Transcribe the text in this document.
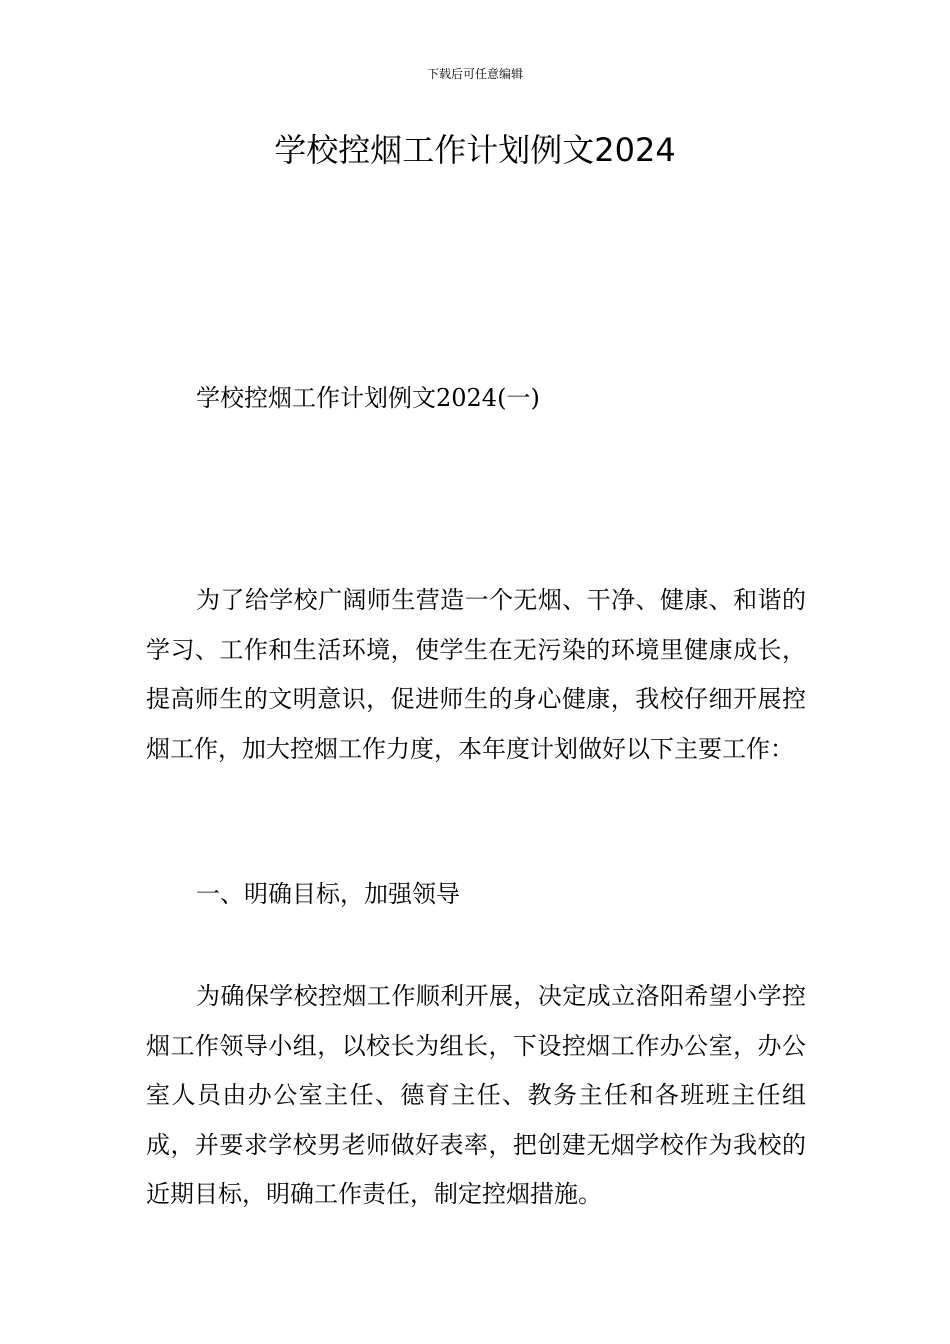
下载后可任意编辑
学校控烟工作计划例文2024
学校控烟工作计划例文2024(一)

为了给学校广阔师生营造一个无烟、干净、健康、和谐的学习、工作和生活环境，使学生在无污染的环境里健康成长，提高师生的文明意识，促进师生的身心健康，我校仔细开展控烟工作，加大控烟工作力度，本年度计划做好以下主要工作：

一、明确目标，加强领导

为确保学校控烟工作顺利开展，决定成立洛阳希望小学控烟工作领导小组，以校长为组长，下设控烟工作办公室，办公室人员由办公室主任、德育主任、教务主任和各班班主任组成，并要求学校男老师做好表率，把创建无烟学校作为我校的近期目标，明确工作责任，制定控烟措施。
